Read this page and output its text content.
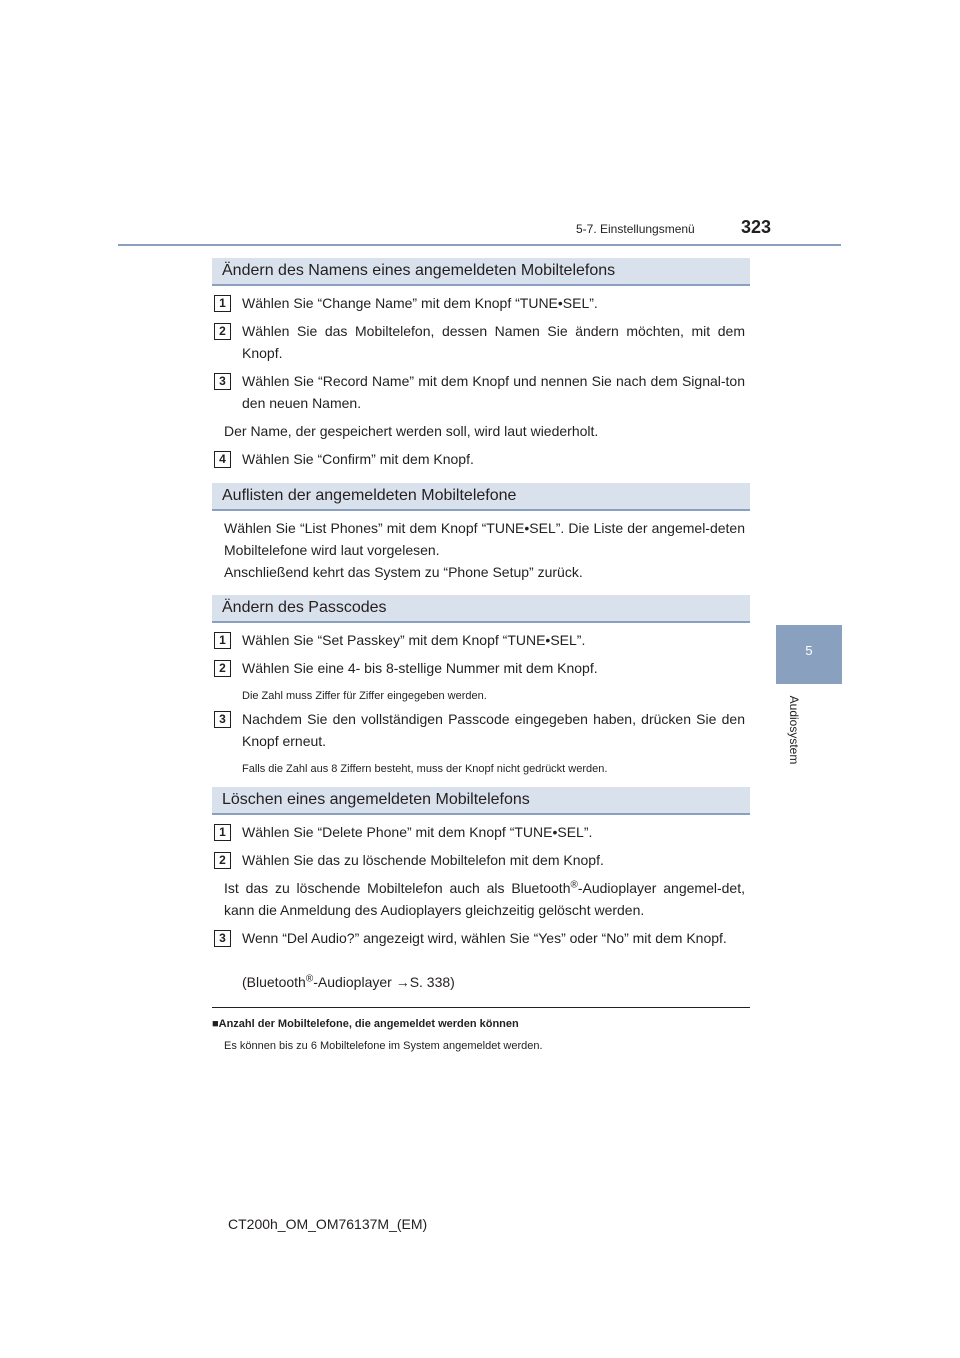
5-7. Einstellungsmenü	323
5
Audiosystem
Ändern des Namens eines angemeldeten Mobiltelefons
1	Wählen Sie “Change Name” mit dem Knopf “TUNE•SEL”.
2	Wählen Sie das Mobiltelefon, dessen Namen Sie ändern möchten, mit dem Knopf.
3	Wählen Sie “Record Name” mit dem Knopf und nennen Sie nach dem Signal-ton den neuen Namen.
Der Name, der gespeichert werden soll, wird laut wiederholt.
4	Wählen Sie “Confirm” mit dem Knopf.
Auflisten der angemeldeten Mobiltelefone
Wählen Sie “List Phones” mit dem Knopf “TUNE•SEL”. Die Liste der angemel-deten Mobiltelefone wird laut vorgelesen.
Anschließend kehrt das System zu “Phone Setup” zurück.
Ändern des Passcodes
1	Wählen Sie “Set Passkey” mit dem Knopf “TUNE•SEL”.
2	Wählen Sie eine 4- bis 8-stellige Nummer mit dem Knopf.
Die Zahl muss Ziffer für Ziffer eingegeben werden.
3	Nachdem Sie den vollständigen Passcode eingegeben haben, drücken Sie den Knopf erneut.
Falls die Zahl aus 8 Ziffern besteht, muss der Knopf nicht gedrückt werden.
Löschen eines angemeldeten Mobiltelefons
1	Wählen Sie “Delete Phone” mit dem Knopf “TUNE•SEL”.
2	Wählen Sie das zu löschende Mobiltelefon mit dem Knopf.
Ist das zu löschende Mobiltelefon auch als Bluetooth®-Audioplayer angemel-det, kann die Anmeldung des Audioplayers gleichzeitig gelöscht werden.
3	Wenn “Del Audio?” angezeigt wird, wählen Sie “Yes” oder “No” mit dem Knopf.
(Bluetooth®-Audioplayer →S. 338)
■Anzahl der Mobiltelefone, die angemeldet werden können
Es können bis zu 6 Mobiltelefone im System angemeldet werden.
CT200h_OM_OM76137M_(EM)
